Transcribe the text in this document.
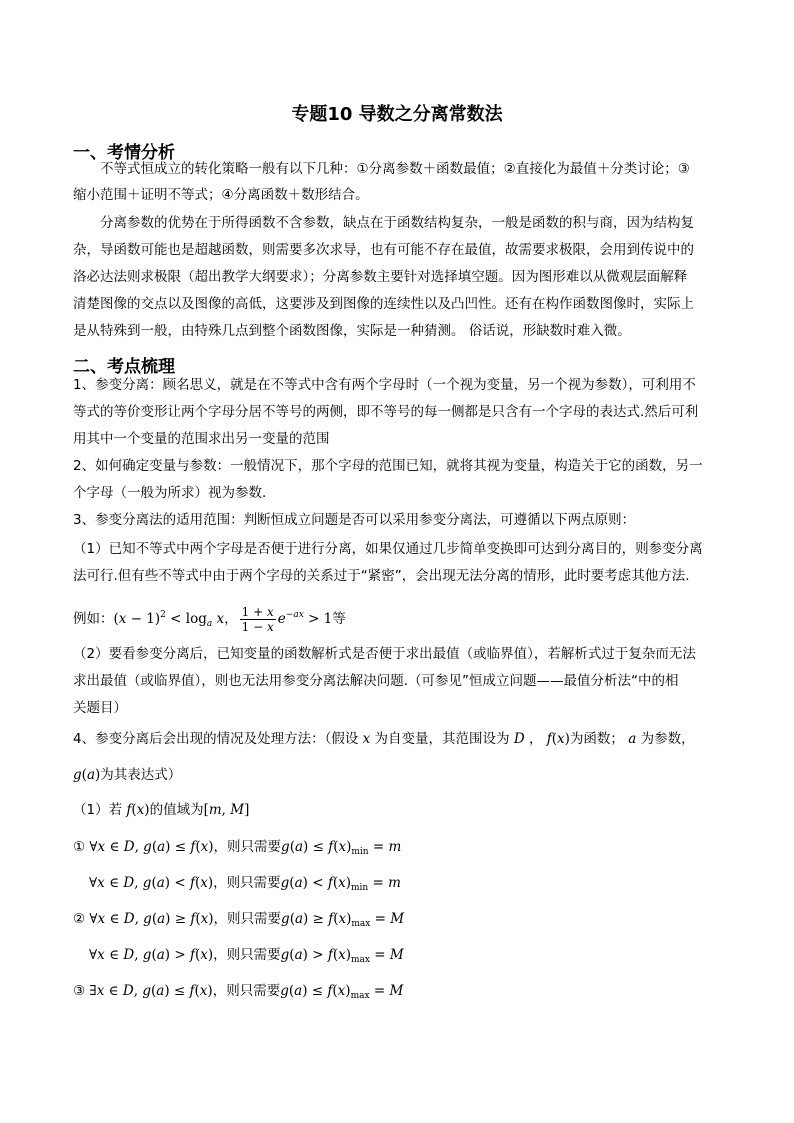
专题10 导数之分离常数法
一、考情分析
不等式恒成立的转化策略一般有以下几种：①分离参数＋函数最值；②直接化为最值＋分类讨论；③
缩小范围＋证明不等式；④分离函数＋数形结合。
分离参数的优势在于所得函数不含参数，缺点在于函数结构复杂，一般是函数的积与商，因为结构复
杂，导函数可能也是超越函数，则需要多次求导，也有可能不存在最值，故需要求极限，会用到传说中的
洛必达法则求极限（超出教学大纲要求）；分离参数主要针对选择填空题。因为图形难以从微观层面解释
清楚图像的交点以及图像的高低，这要涉及到图像的连续性以及凸凹性。还有在构作函数图像时，实际上
是从特殊到一般，由特殊几点到整个函数图像，实际是一种猜测。 俗话说，形缺数时难入微。
二、考点梳理
1、参变分离：顾名思义，就是在不等式中含有两个字母时（一个视为变量，另一个视为参数），可利用不
等式的等价变形让两个字母分居不等号的两侧，即不等号的每一侧都是只含有一个字母的表达式.然后可利
用其中一个变量的范围求出另一变量的范围
2、如何确定变量与参数：一般情况下，那个字母的范围已知，就将其视为变量，构造关于它的函数，另一
个字母（一般为所求）视为参数.
3、参变分离法的适用范围：判断恒成立问题是否可以采用参变分离法，可遵循以下两点原则：
（1）已知不等式中两个字母是否便于进行分离，如果仅通过几步简单变换即可达到分离目的，则参变分离
法可行.但有些不等式中由于两个字母的关系过于“紧密”，会出现无法分离的情形，此时要考虑其他方法.
例如：$(x - 1)^2 < \log_a x$， $\frac{1 + x}{1 - x} e^{-ax} > 1$等
（2）要看参变分离后，已知变量的函数解析式是否便于求出最值（或临界值），若解析式过于复杂而无法
求出最值（或临界值），则也无法用参变分离法解决问题.（可参见”恒成立问题——最值分析法“中的相
关题目）
4、参变分离后会出现的情况及处理方法：（假设 x 为自变量，其范围设为 D ， f(x)为函数； a 为参数，
g(a)为其表达式）
（1）若 f(x)的值域为[m, M]
① ∀x ∈ D, g(a) ≤ f(x)，则只需要$g(a) \le f(x)_{min} = m$
∀x ∈ D, g(a) < f(x)，则只需要$g(a) < f(x)_{min} = m$
② ∀x ∈ D, g(a) ≥ f(x)，则只需要$g(a) \ge f(x)_{max} = M$
∀x ∈ D, g(a) > f(x)，则只需要$g(a) > f(x)_{max} = M$
③ ∃x ∈ D, g(a) ≤ f(x)，则只需要$g(a) \le f(x)_{max} = M$
